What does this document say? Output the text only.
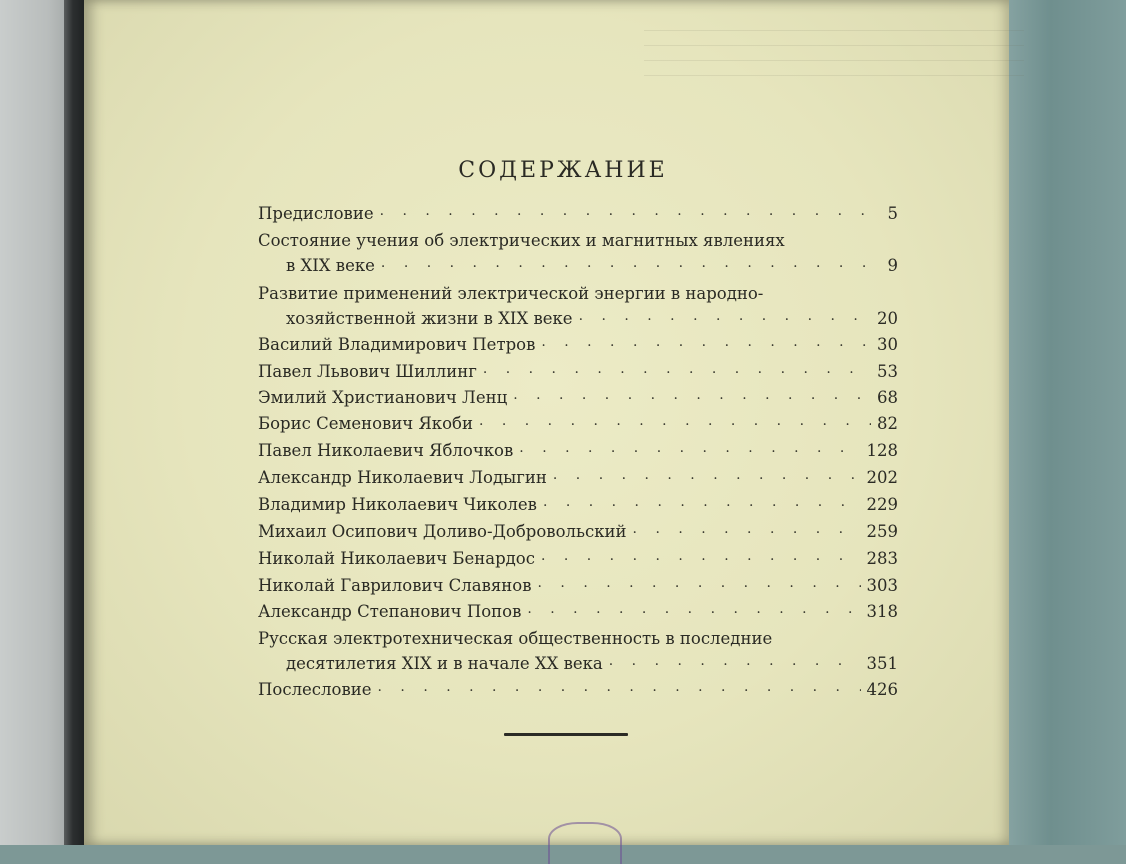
СОДЕРЖАНИЕ
Предисловие · · ·	5
Состояние учения об электрических и магнитных явлениях
в XIX веке · · ·	9
Развитие применений электрической энергии в народно-
хозяйственной жизни в XIX веке · · ·	20
Василий Владимирович Петров · · ·	30
Павел Львович Шиллинг · · ·	53
Эмилий Христианович Ленц · · ·	68
Борис Семенович Якоби · · ·	82
Павел Николаевич Яблочков · · ·	128
Александр Николаевич Лодыгин · · ·	202
Владимир Николаевич Чиколев · · ·	229
Михаил Осипович Доливо-Добровольский · · ·	259
Николай Николаевич Бенардос · · ·	283
Николай Гаврилович Славянов · · ·	303
Александр Степанович Попов · · ·	318
Русская электротехническая общественность в последние
десятилетия XIX и в начале XX века · · ·	351
Послесловие · · ·	426
